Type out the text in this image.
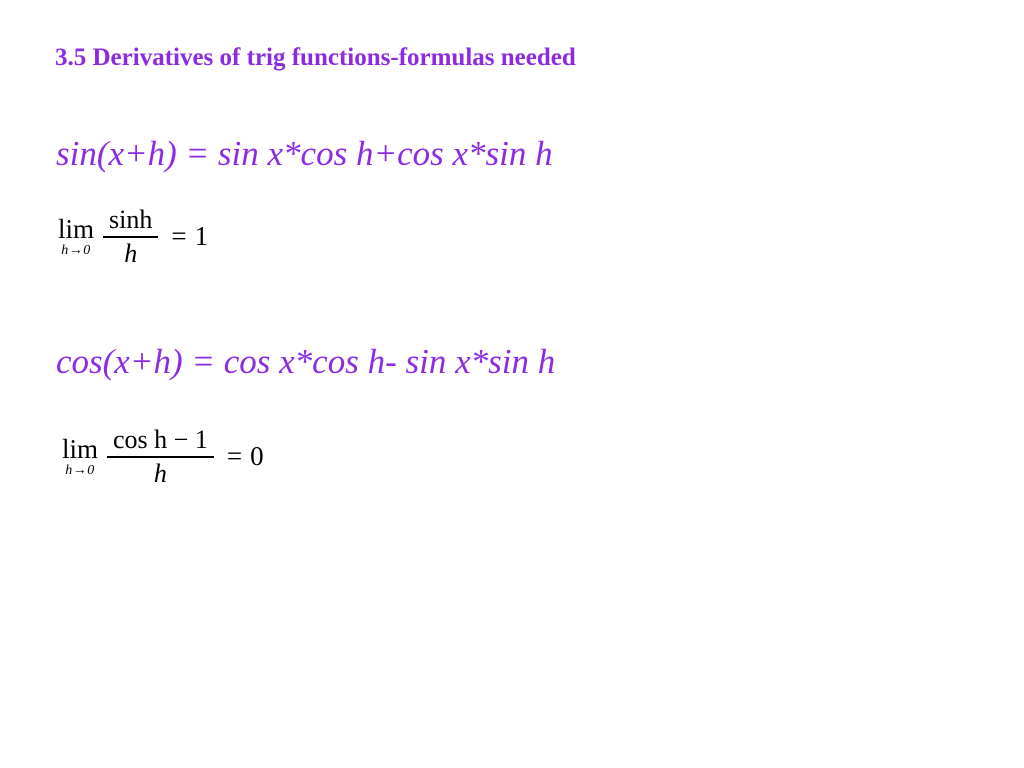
3.5 Derivatives of trig functions-formulas needed
sin(x+h) = sin x*cos h+cos x*sin h
lim
$h\to 0 \frac{\sinh}{h} = 1$
cos(x+h) = cos x*cos h- sin x*sin h
lim
$h\to 0 \frac{\text{cos h − 1}}{h} = 0$
